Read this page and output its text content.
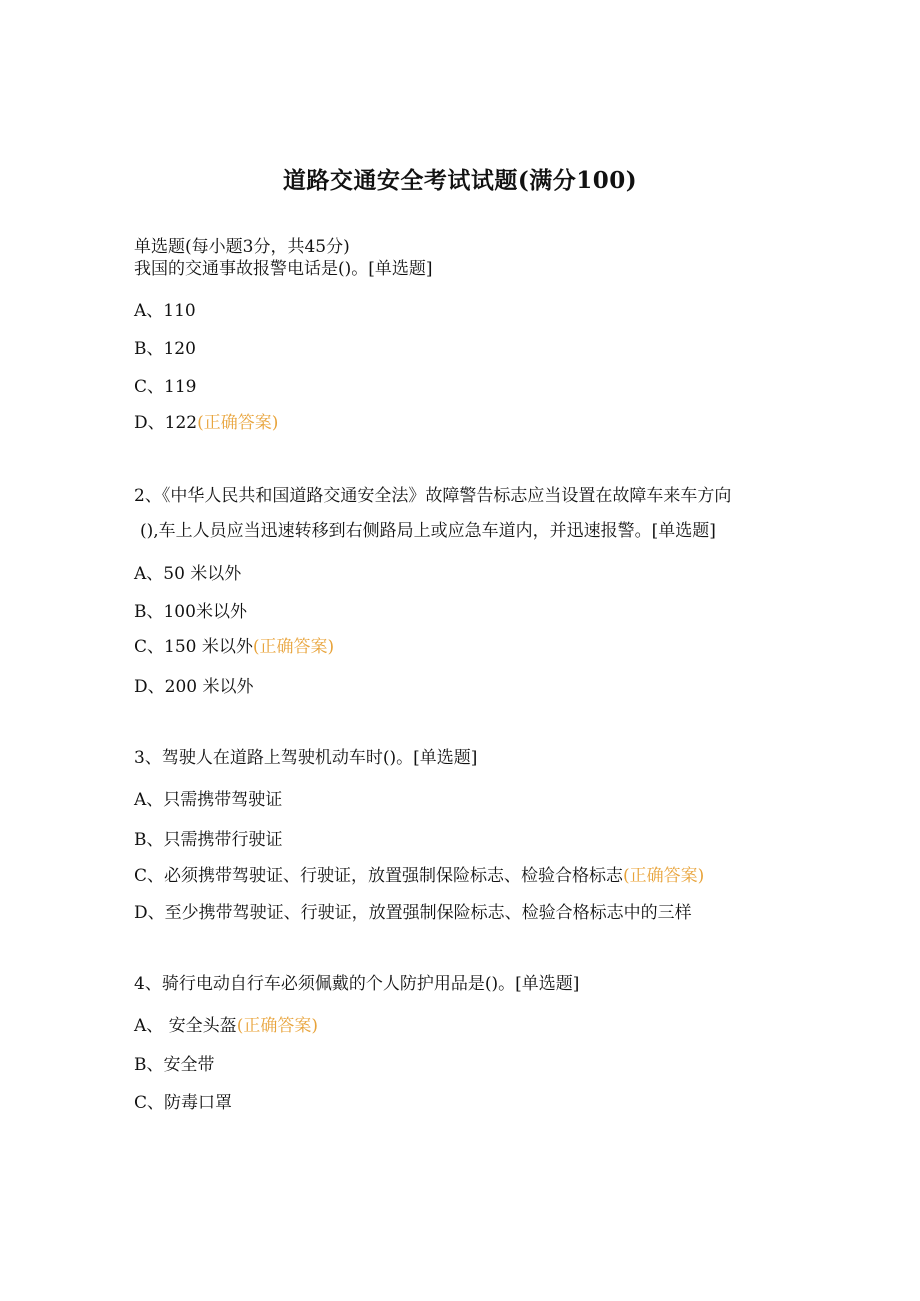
道路交通安全考试试题(满分100)
单选题(每小题3分，共45分)
我国的交通事故报警电话是()。[单选题]
A、110
B、120
C、119
D、122(正确答案)
2、《中华人民共和国道路交通安全法》故障警告标志应当设置在故障车来车方向
(),车上人员应当迅速转移到右侧路局上或应急车道内，并迅速报警。[单选题]
A、50 米以外
B、100米以外
C、150 米以外(正确答案)
D、200 米以外
3、驾驶人在道路上驾驶机动车时()。[单选题]
A、只需携带驾驶证
B、只需携带行驶证
C、必须携带驾驶证、行驶证，放置强制保险标志、检验合格标志(正确答案)
D、至少携带驾驶证、行驶证，放置强制保险标志、检验合格标志中的三样
4、骑行电动自行车必须佩戴的个人防护用品是()。[单选题]
A、 安全头盔(正确答案)
B、安全带
C、防毒口罩
